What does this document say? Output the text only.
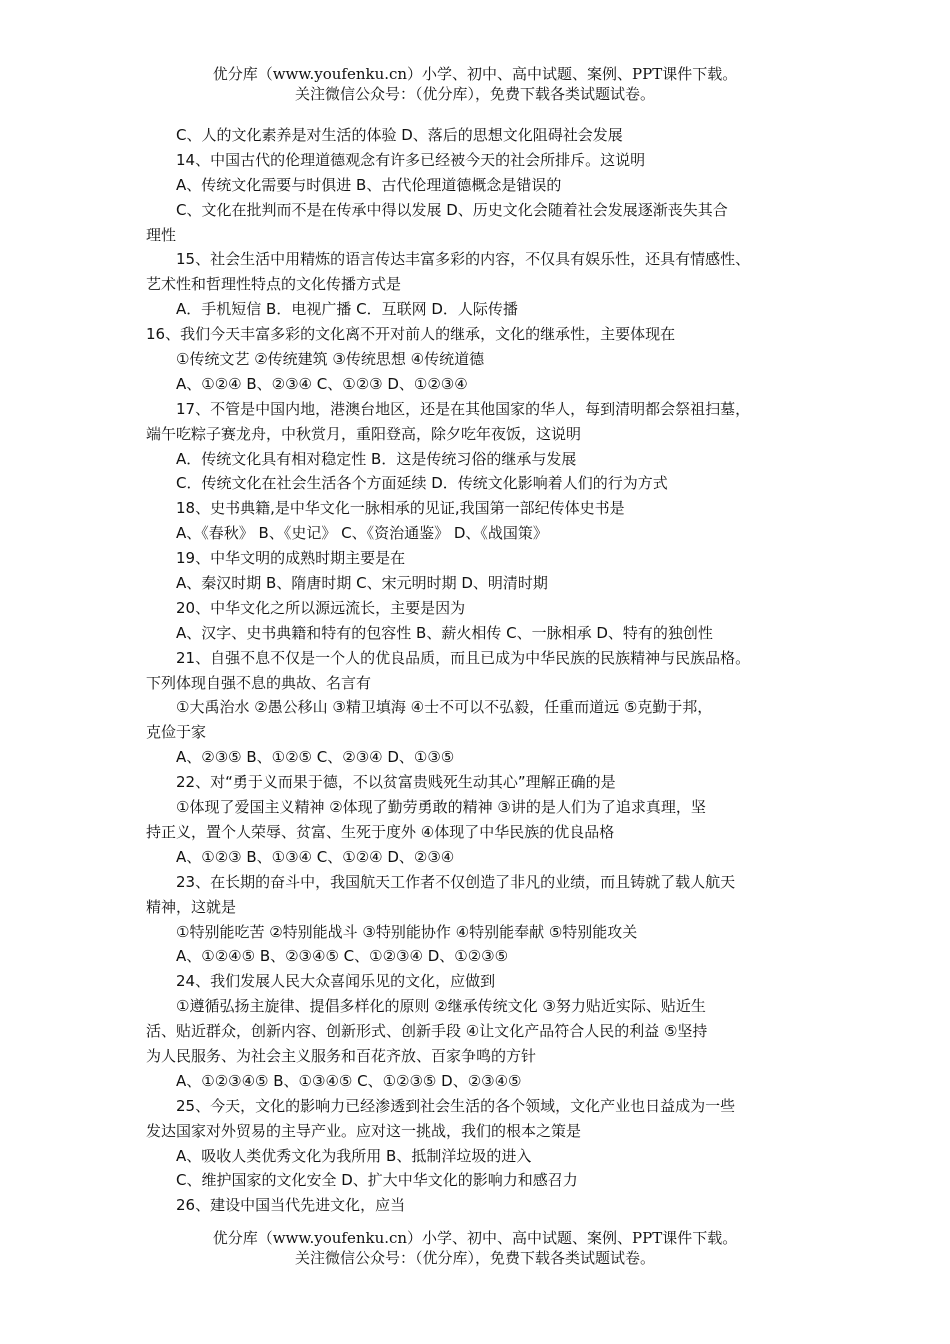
优分库（www.youfenku.cn）小学、初中、高中试题、案例、PPT课件下载。
关注微信公众号：（优分库），免费下载各类试题试卷。
C、人的文化素养是对生活的体验 D、落后的思想文化阻碍社会发展
14、中国古代的伦理道德观念有许多已经被今天的社会所排斥。这说明
A、传统文化需要与时俱进 B、古代伦理道德概念是错误的
C、文化在批判而不是在传承中得以发展 D、历史文化会随着社会发展逐渐丧失其合
理性
15、社会生活中用精炼的语言传达丰富多彩的内容，不仅具有娱乐性，还具有情感性、
艺术性和哲理性特点的文化传播方式是
A．手机短信 B．电视广播 C．互联网 D．人际传播
16、我们今天丰富多彩的文化离不开对前人的继承，文化的继承性，主要体现在
①传统文艺 ②传统建筑 ③传统思想 ④传统道德
A、①②④ B、②③④ C、①②③ D、①②③④
17、不管是中国内地，港澳台地区，还是在其他国家的华人，每到清明都会祭祖扫墓，
端午吃粽子赛龙舟，中秋赏月，重阳登高，除夕吃年夜饭，这说明
A．传统文化具有相对稳定性 B．这是传统习俗的继承与发展
C．传统文化在社会生活各个方面延续 D．传统文化影响着人们的行为方式
18、史书典籍,是中华文化一脉相承的见证,我国第一部纪传体史书是
A、《春秋》 B、《史记》 C、《资治通鉴》 D、《战国策》
19、中华文明的成熟时期主要是在
A、秦汉时期 B、隋唐时期 C、宋元明时期 D、明清时期
20、中华文化之所以源远流长，主要是因为
A、汉字、史书典籍和特有的包容性 B、薪火相传 C、一脉相承 D、特有的独创性
21、自强不息不仅是一个人的优良品质，而且已成为中华民族的民族精神与民族品格。
下列体现自强不息的典故、名言有
①大禹治水 ②愚公移山 ③精卫填海 ④士不可以不弘毅，任重而道远 ⑤克勤于邦，
克俭于家
A、②③⑤ B、①②⑤ C、②③④ D、①③⑤
22、对“勇于义而果于德，不以贫富贵贱死生动其心”理解正确的是
①体现了爱国主义精神 ②体现了勤劳勇敢的精神 ③讲的是人们为了追求真理，坚
持正义，置个人荣辱、贫富、生死于度外 ④体现了中华民族的优良品格
A、①②③ B、①③④ C、①②④ D、②③④
23、在长期的奋斗中，我国航天工作者不仅创造了非凡的业绩，而且铸就了载人航天
精神，这就是
①特别能吃苦 ②特别能战斗 ③特别能协作 ④特别能奉献 ⑤特别能攻关
A、①②④⑤ B、②③④⑤ C、①②③④ D、①②③⑤
24、我们发展人民大众喜闻乐见的文化，应做到
①遵循弘扬主旋律、提倡多样化的原则 ②继承传统文化 ③努力贴近实际、贴近生
活、贴近群众，创新内容、创新形式、创新手段 ④让文化产品符合人民的利益 ⑤坚持
为人民服务、为社会主义服务和百花齐放、百家争鸣的方针
A、①②③④⑤ B、①③④⑤ C、①②③⑤ D、②③④⑤
25、今天，文化的影响力已经渗透到社会生活的各个领域，文化产业也日益成为一些
发达国家对外贸易的主导产业。应对这一挑战，我们的根本之策是
A、吸收人类优秀文化为我所用 B、抵制洋垃圾的进入
C、维护国家的文化安全 D、扩大中华文化的影响力和感召力
26、建设中国当代先进文化，应当
优分库（www.youfenku.cn）小学、初中、高中试题、案例、PPT课件下载。
关注微信公众号：（优分库），免费下载各类试题试卷。
